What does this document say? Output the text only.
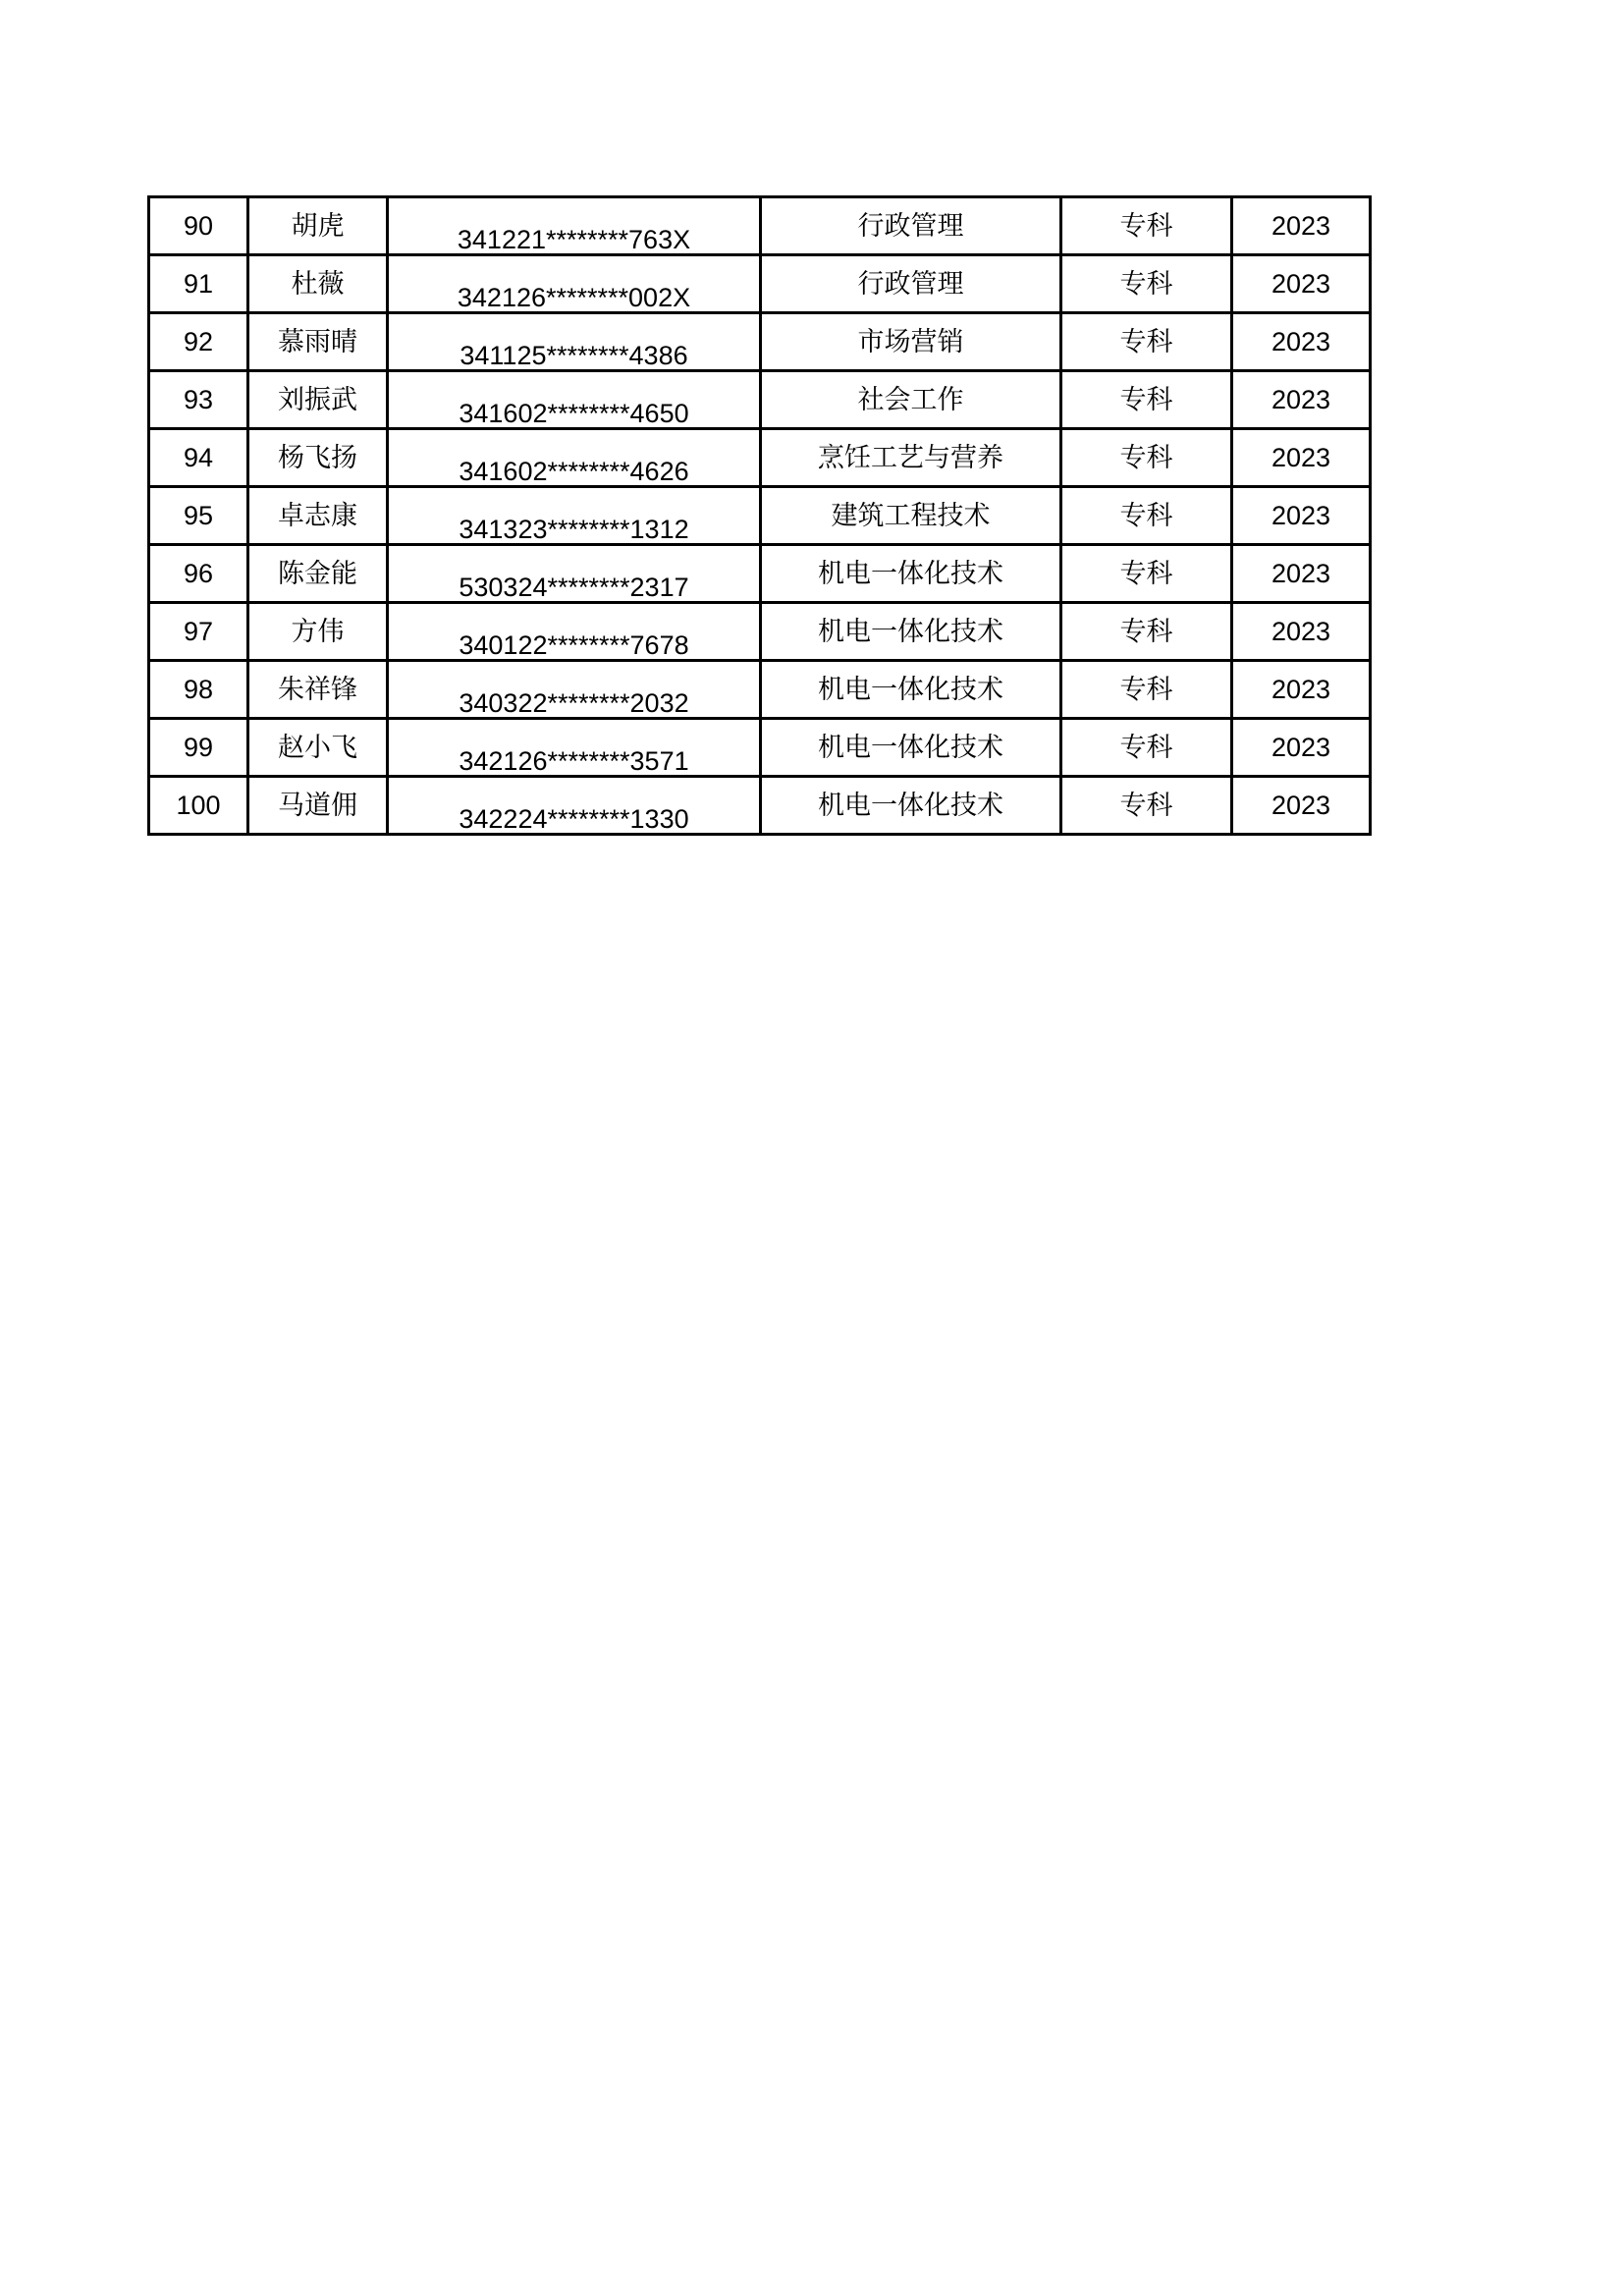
90	胡虎	341221********763X	行政管理	专科	2023
91	杜薇	342126********002X	行政管理	专科	2023
92	慕雨晴	341125********4386	市场营销	专科	2023
93	刘振武	341602********4650	社会工作	专科	2023
94	杨飞扬	341602********4626	烹饪工艺与营养	专科	2023
95	卓志康	341323********1312	建筑工程技术	专科	2023
96	陈金能	530324********2317	机电一体化技术	专科	2023
97	方伟	340122********7678	机电一体化技术	专科	2023
98	朱祥锋	340322********2032	机电一体化技术	专科	2023
99	赵小飞	342126********3571	机电一体化技术	专科	2023
100	马道佣	342224********1330	机电一体化技术	专科	2023
